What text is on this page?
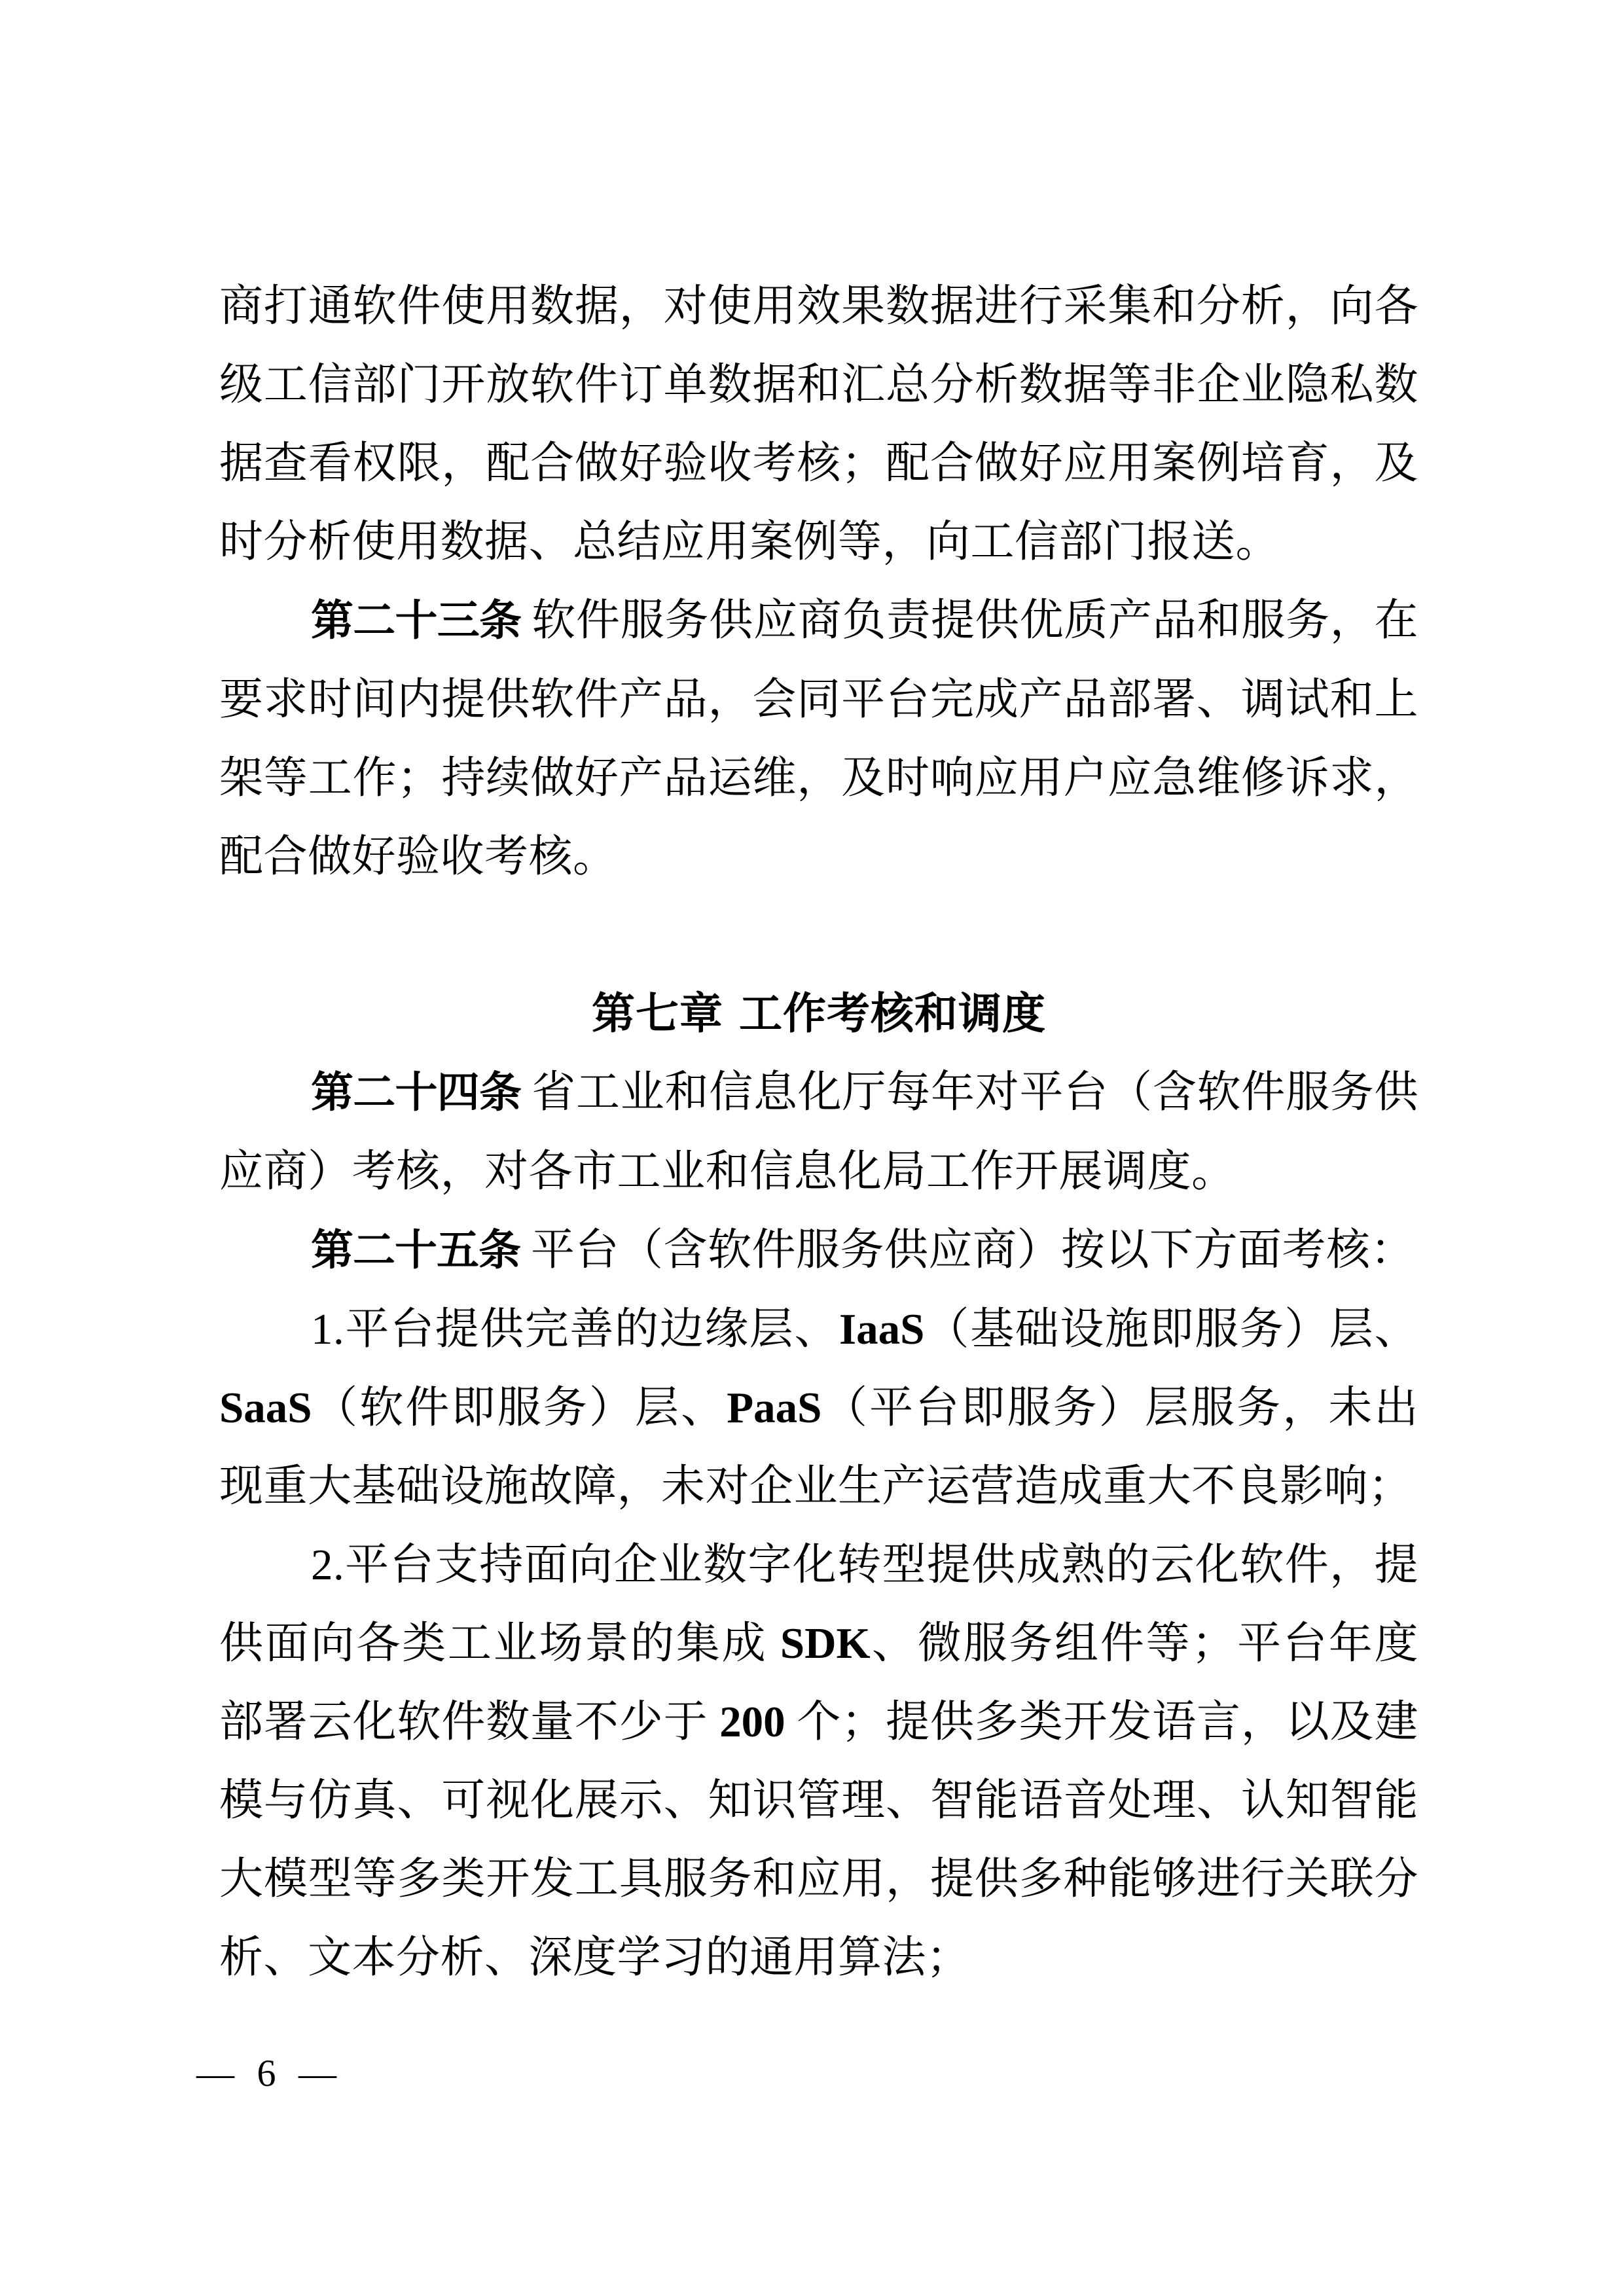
商打通软件使用数据，对使用效果数据进行采集和分析，向各级工信部门开放软件订单数据和汇总分析数据等非企业隐私数据查看权限，配合做好验收考核；配合做好应用案例培育，及时分析使用数据、总结应用案例等，向工信部门报送。

第二十三条 软件服务供应商负责提供优质产品和服务，在要求时间内提供软件产品，会同平台完成产品部署、调试和上架等工作；持续做好产品运维，及时响应用户应急维修诉求，配合做好验收考核。

第七章 工作考核和调度

第二十四条 省工业和信息化厅每年对平台（含软件服务供应商）考核，对各市工业和信息化局工作开展调度。

第二十五条 平台（含软件服务供应商）按以下方面考核：

1.平台提供完善的边缘层、IaaS（基础设施即服务）层、SaaS（软件即服务）层、PaaS（平台即服务）层服务，未出现重大基础设施故障，未对企业生产运营造成重大不良影响；

2.平台支持面向企业数字化转型提供成熟的云化软件，提供面向各类工业场景的集成 SDK、微服务组件等；平台年度部署云化软件数量不少于 200 个；提供多类开发语言，以及建模与仿真、可视化展示、知识管理、智能语音处理、认知智能大模型等多类开发工具服务和应用，提供多种能够进行关联分析、文本分析、深度学习的通用算法；

— 6 —
